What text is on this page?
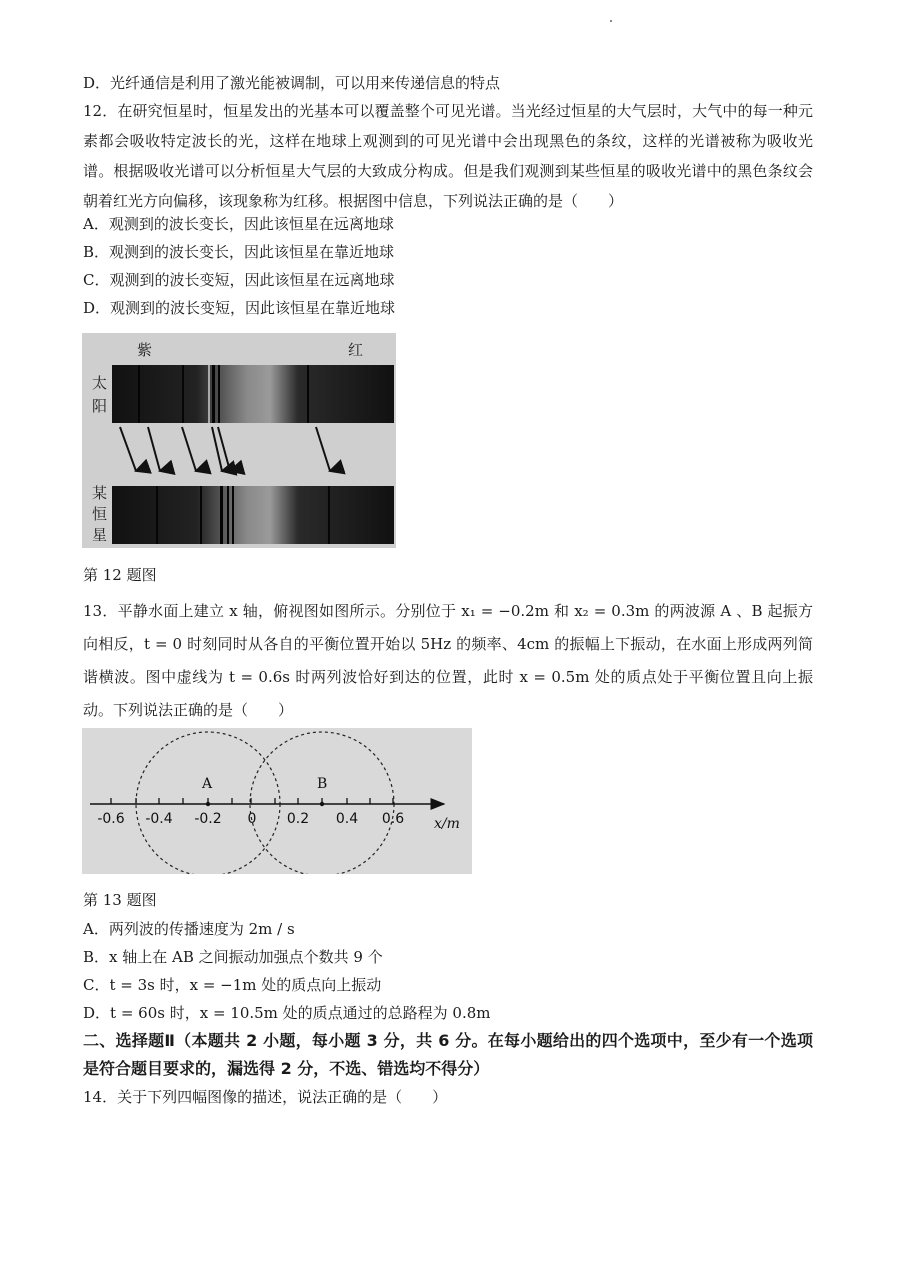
D．光纤通信是利用了激光能被调制，可以用来传递信息的特点
12．在研究恒星时，恒星发出的光基本可以覆盖整个可见光谱。当光经过恒星的大气层时，大气中的每一种元素都会吸收特定波长的光，这样在地球上观测到的可见光谱中会出现黑色的条纹，这样的光谱被称为吸收光谱。根据吸收光谱可以分析恒星大气层的大致成分构成。但是我们观测到某些恒星的吸收光谱中的黑色条纹会朝着红光方向偏移，该现象称为红移。根据图中信息，下列说法正确的是（　　）
A．观测到的波长变长，因此该恒星在远离地球
B．观测到的波长变长，因此该恒星在靠近地球
C．观测到的波长变短，因此该恒星在远离地球
D．观测到的波长变短，因此该恒星在靠近地球
紫	红
太
阳
某
恒
星
第 12 题图
13．平静水面上建立 x 轴，俯视图如图所示。分别位于 x₁ = −0.2m 和 x₂ = 0.3m 的两波源 A 、B 起振方向相反，t = 0 时刻同时从各自的平衡位置开始以 5Hz 的频率、4cm 的振幅上下振动，在水面上形成两列简谐横波。图中虚线为 t = 0.6s 时两列波恰好到达的位置，此时 x = 0.5m 处的质点处于平衡位置且向上振动。下列说法正确的是（　　）
A	B
-0.6 -0.4 -0.2 0 0.2 0.4 0.6 x/m
第 13 题图
A．两列波的传播速度为 2m / s
B．x 轴上在 AB 之间振动加强点个数共 9 个
C．t = 3s 时，x = −1m 处的质点向上振动
D．t = 60s 时，x = 10.5m 处的质点通过的总路程为 0.8m
二、选择题Ⅱ（本题共 2 小题，每小题 3 分，共 6 分。在每小题给出的四个选项中，至少有一个选项是符合题目要求的，漏选得 2 分，不选、错选均不得分）
14．关于下列四幅图像的描述，说法正确的是（　　）
